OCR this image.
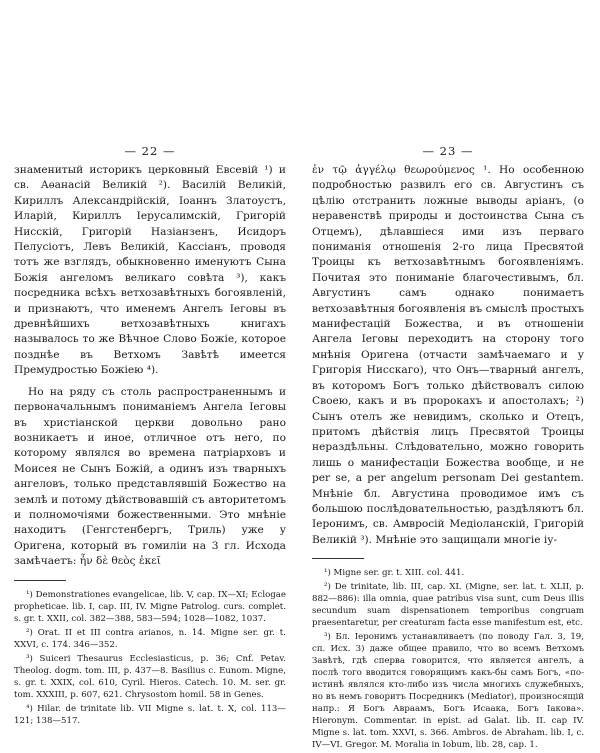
— 22 —

знаменитый историкъ церковный Евсевій ¹) и св. Аѳанасій Великій ²). Василій Великій, Кириллъ Александрійскій, Іоаннъ Златоустъ, Иларій, Кириллъ Іерусалимскій, Григорій Нисскій, Григорій Назіанзенъ, Исидоръ Пелусіотъ, Левъ Великій, Кассіанъ, проводя тотъ же взглядъ, обыкновенно именуютъ Сына Божія ангеломъ великаго совѣта ³), какъ посредника всѣхъ ветхозавѣтныхъ богоявленій, и признаютъ, что именемъ Ангелъ Іеговы въ древнѣйшихъ ветхозавѣтныхъ книгахъ называлось то же Вѣчное Слово Божіе, которое позднѣе въ Ветхомъ Завѣтѣ имеется Премудростью Божіею ⁴).

Но на ряду съ столь распространеннымъ и первоначальнымъ пониманіемъ Ангела Іеговы въ христіанской церкви довольно рано возникаетъ и иное, отличное отъ него, по которому являлся во времена патріарховъ и Моисея не Сынъ Божій, а одинъ изъ тварныхъ ангеловъ, только представлявшій Божество на землѣ и потому дѣйствовавшій съ авторитетомъ и полномочіями божественными. Это мнѣніе находитъ (Генгстенбергъ, Триль) уже у Оригена, который въ гомиліи на 3 гл. Исхода замѣчаетъ: ἦν δὲ θεὸς ἐκεῖ

¹) Demonstrationes evangelicae, lib. V, cap. IX—XI; Eclogae propheticae. lib. I, cap. III, IV. Migne Patrolog. curs. complet. s. gr. t. XXII, col. 382—388, 583—594; 1028—1082, 1037.

²) Orat. II et III contra arianos, n. 14. Migne ser. gr. t. XXVI, c. 174. 346—352.

³) Suiceri Thesaurus Ecclesiasticus, p. 36; Cnf. Petav. Theolog. dogm. tom. III, p. 437—8. Basilius c. Eunom. Migne, s. gr. t. XXIX, col. 610, Cyril. Hieros. Catech. 10. M. ser. gr. tom. XXXIII, p. 607, 621. Chrysostom homil. 58 in Genes.

⁴) Hilar. de trinitate lib. VII Migne s. lat. t. X, col. 113—121; 138—517.

— 23 —

ἐν τῷ ἀγγέλῳ θεωρούμενος ¹. Но особенною подробностью развилъ его св. Августинъ съ цѣлію отстранить ложные выводы аріанъ, (о неравенствѣ природы и достоинства Сына съ Отцемъ), дѣлавшіеся ими изъ перваго пониманія отношенія 2-го лица Пресвятой Троицы къ ветхозавѣтнымъ богоявленіямъ. Почитая это пониманіе благочестивымъ, бл. Августинъ самъ однако понимаетъ ветхозавѣтныя богоявленія въ смыслѣ простыхъ манифестацій Божества, и въ отношеніи Ангела Іеговы переходитъ на сторону того мнѣнія Оригена (отчасти замѣчаемаго и у Григорія Нисскаго), что Онъ—тварный ангелъ, въ которомъ Богъ только дѣйствовалъ силою Своею, какъ и въ пророкахъ и апостолахъ; ²) Сынъ отелъ же невидимъ, сколько и Отецъ, притомъ дѣйствія лицъ Пресвятой Троицы нераздѣльны. Слѣдовательно, можно говорить лишь о манифестаціи Божества вообще, и не per se, а per angelum personam Dei gestantem. Мнѣніе бл. Августина проводимое имъ съ большою послѣдовательностью, раздѣляютъ бл. Іеронимъ, св. Амвросій Медіоланскій, Григорій Великій ³). Мнѣніе это защищали многіе іу-

¹) Migne ser. gr. t. XIII. col. 441.

²) De trinitate, lib. III, cap. XI. (Migne, ser. lat. t. XLII, p. 882—886): illa omnia, quae patribus visa sunt, cum Deus illis secundum suam dispensationem temporibus congruam praesentaretur, per creaturam facta esse manifestum est, etc.

³) Бл. Іеронимъ устанавливаетъ (по поводу Гал. 3, 19, сп. Исх. 3) даже общее правило, что во всемъ Ветхомъ Завѣтѣ, гдѣ сперва говорится, что является ангелъ, а послѣ того вводится говорящимъ какъ-бы самъ Богъ, «по-истинѣ являлся кто-либо изъ числа многихъ служебныхъ, но въ немъ говоритъ Посредникъ (Mediator), произносящій напр.: Я Богъ Авраамъ, Богъ Исаака, Богъ Іакова». Hieronym. Commentar. in epist. ad Galat. lib. II. cap IV. Migne s. lat. tom. XXVI, s. 366. Ambros. de Abraham. lib. I, c. IV—VI. Gregor. M. Moralia in Iobum, lib. 28, cap. 1.
